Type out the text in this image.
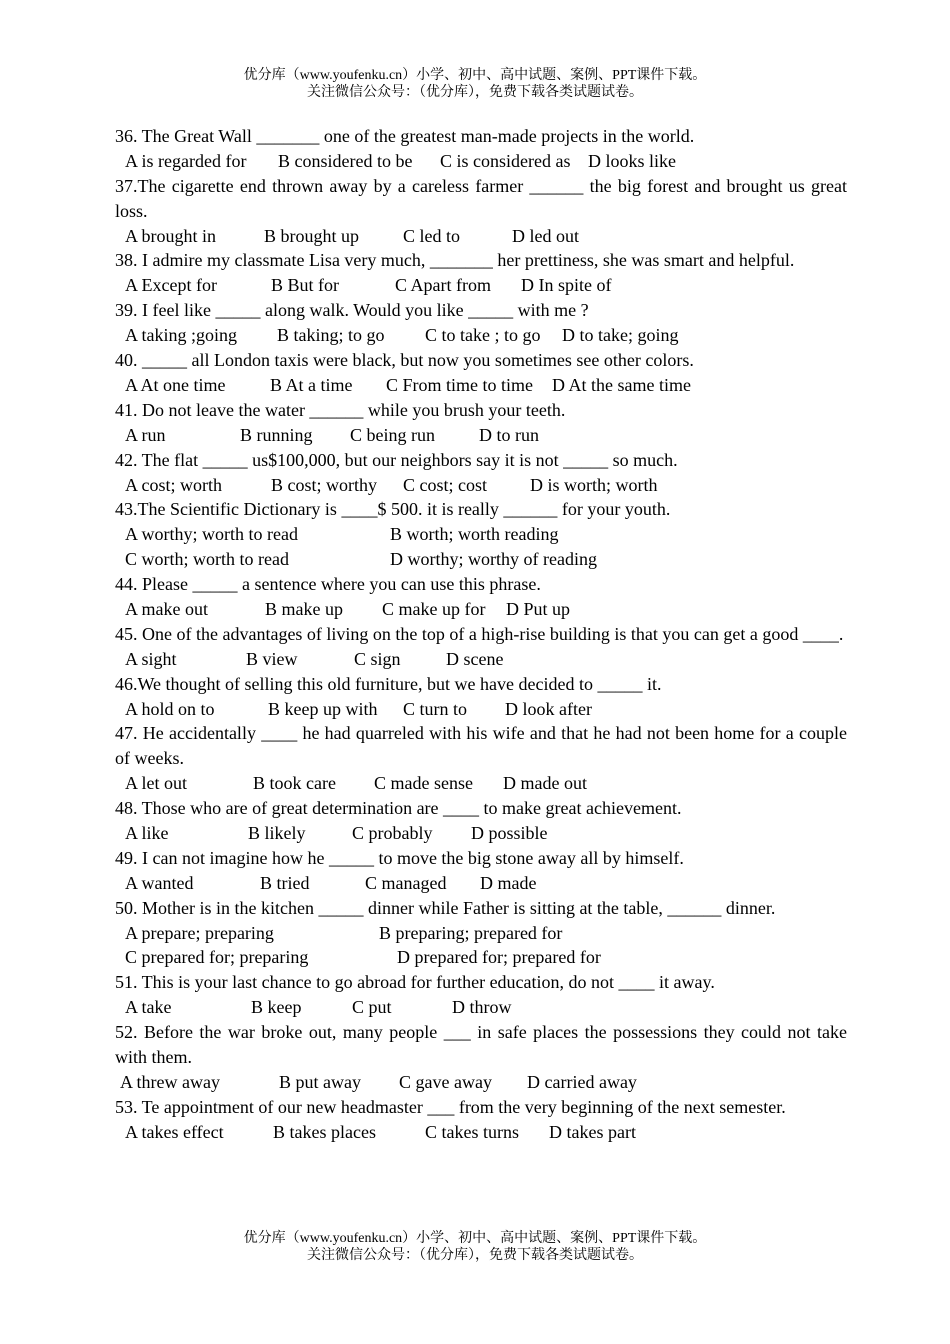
优分库（www.youfenku.cn）小学、初中、高中试题、案例、PPT课件下载。
关注微信公众号：（优分库），免费下载各类试题试卷。
36. The Great Wall _______ one of the greatest man-made projects in the world.
A is regarded for B considered to be C is considered as D looks like
37.The cigarette end thrown away by a careless farmer ______ the big forest and brought us great loss.
A brought in	B brought up C led to	D led out
38. I admire my classmate Lisa very much, _______ her prettiness, she was smart and helpful.
A Except for	B But for	C Apart from D In spite of
39. I feel like _____ along walk. Would you like _____ with me ?
A taking ;going B taking; to go C to take ; to go D to take; going
40. _____ all London taxis were black, but now you sometimes see other colors.
A At one time B At a time C From time to time D At the same time
41. Do not leave the water ______ while you brush your teeth.
A run	B running C being run D to run
42. The flat _____ us$100,000, but our neighbors say it is not _____ so much.
A cost; worth	B cost; worthy C cost; cost D is worth; worth
43.The Scientific Dictionary is ____$ 500. it is really ______ for your youth.
A worthy; worth to read	B worth; worth reading
C worth; worth to read	D worthy; worthy of reading
44. Please _____ a sentence where you can use this phrase.
A make out	B make up C make up for D Put up
45. One of the advantages of living on the top of a high-rise building is that you can get a good ____.
A sight	B view	C sign	D scene
46.We thought of selling this old furniture, but we have decided to _____ it.
A hold on to	B keep up with C turn to D look after
47. He accidentally ____ he had quarreled with his wife and that he had not been home for a couple of weeks.
A let out	B took care C made sense D made out
48. Those who are of great determination are ____ to make great achievement.
A like	B likely	C probably D possible
49. I can not imagine how he _____ to move the big stone away all by himself.
A wanted	B tried	C managed D made
50. Mother is in the kitchen _____ dinner while Father is sitting at the table, ______ dinner.
A prepare; preparing	B preparing; prepared for
C prepared for; preparing	D prepared for; prepared for
51. This is your last chance to go abroad for further education, do not ____ it away.
A take	B keep	C put	D throw
52. Before the war broke out, many people ___ in safe places the possessions they could not take with them.
A threw away	B put away C gave away D carried away
53. Te appointment of our new headmaster ___ from the very beginning of the next semester.
A takes effect	B takes places	C takes turns D takes part
优分库（www.youfenku.cn）小学、初中、高中试题、案例、PPT课件下载。
关注微信公众号：（优分库），免费下载各类试题试卷。
